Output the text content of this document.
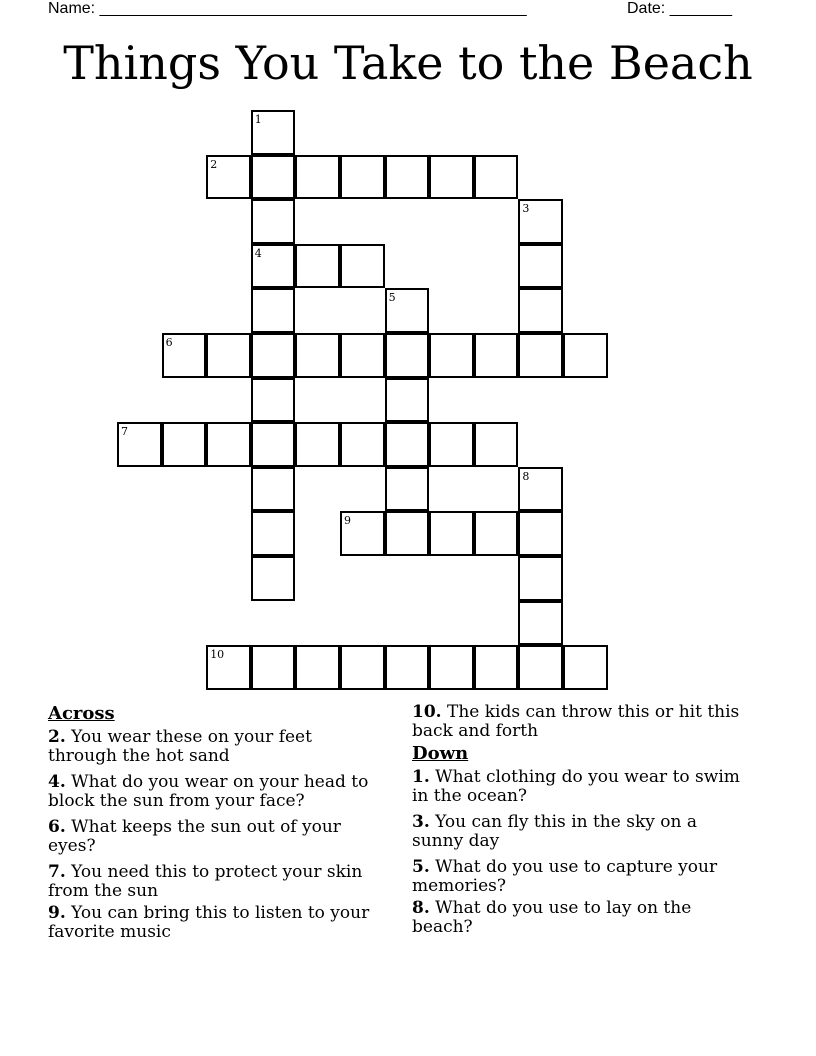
Name: ________________________________________________	Date: _______
Things You Take to the Beach
1
2
3
4
5
6
7
8
9
10
Across
2. You wear these on your feet through the hot sand
4. What do you wear on your head to block the sun from your face?
6. What keeps the sun out of your eyes?
7. You need this to protect your skin from the sun
9. You can bring this to listen to your favorite music
10. The kids can throw this or hit this back and forth
Down
1. What clothing do you wear to swim in the ocean?
3. You can fly this in the sky on a sunny day
5. What do you use to capture your memories?
8. What do you use to lay on the beach?
